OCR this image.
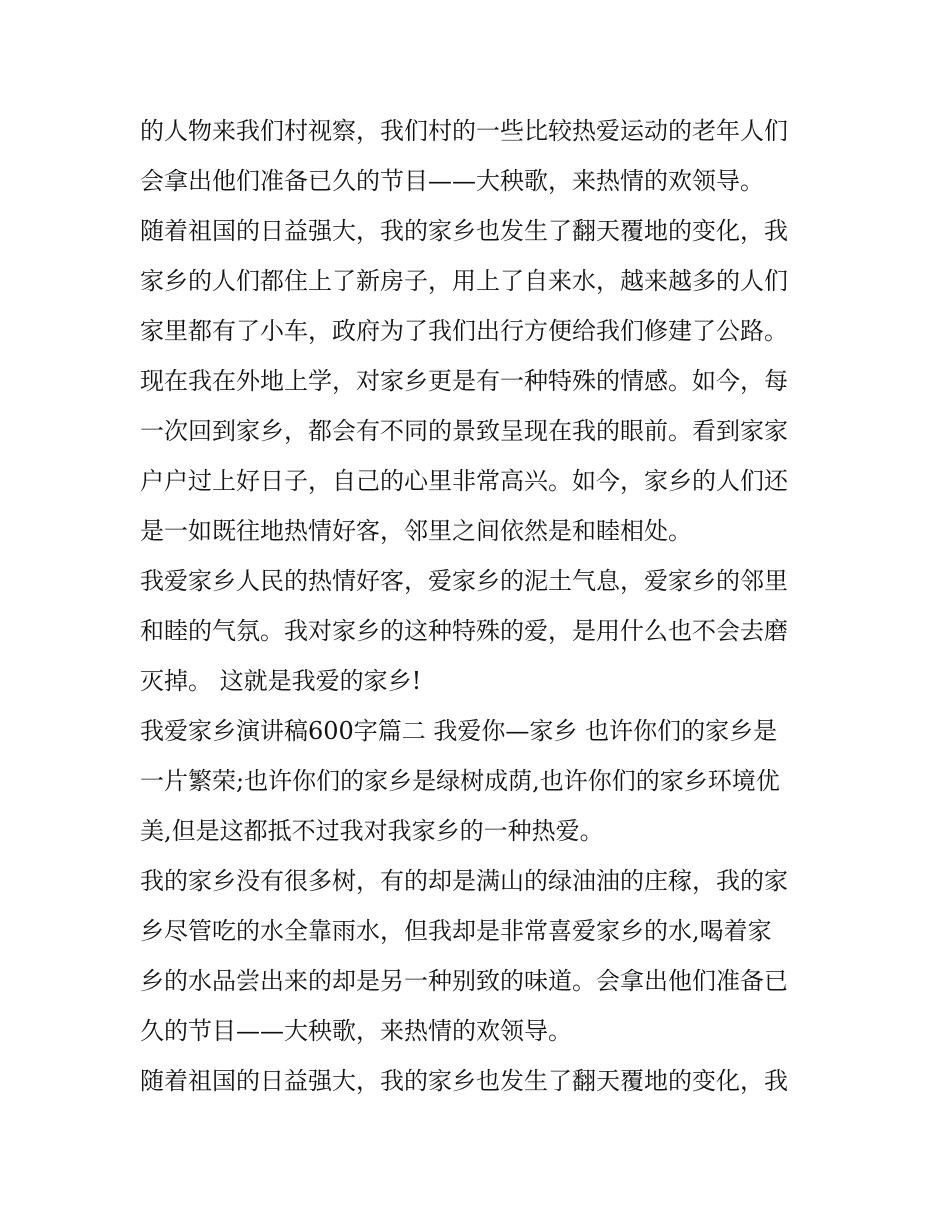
的人物来我们村视察，我们村的一些比较热爱运动的老年人们
会拿出他们准备已久的节目——大秧歌，来热情的欢领导。
随着祖国的日益强大，我的家乡也发生了翻天覆地的变化，我
家乡的人们都住上了新房子，用上了自来水，越来越多的人们
家里都有了小车，政府为了我们出行方便给我们修建了公路。
现在我在外地上学，对家乡更是有一种特殊的情感。如今，每
一次回到家乡，都会有不同的景致呈现在我的眼前。看到家家
户户过上好日子，自己的心里非常高兴。如今，家乡的人们还
是一如既往地热情好客，邻里之间依然是和睦相处。
我爱家乡人民的热情好客，爱家乡的泥土气息，爱家乡的邻里
和睦的气氛。我对家乡的这种特殊的爱，是用什么也不会去磨
灭掉。 这就是我爱的家乡!
我爱家乡演讲稿600字篇二 我爱你—家乡 也许你们的家乡是
一片繁荣;也许你们的家乡是绿树成荫,也许你们的家乡环境优
美,但是这都抵不过我对我家乡的一种热爱。
我的家乡没有很多树，有的却是满山的绿油油的庄稼，我的家
乡尽管吃的水全靠雨水，但我却是非常喜爱家乡的水,喝着家
乡的水品尝出来的却是另一种别致的味道。会拿出他们准备已
久的节目——大秧歌，来热情的欢领导。
随着祖国的日益强大，我的家乡也发生了翻天覆地的变化，我
